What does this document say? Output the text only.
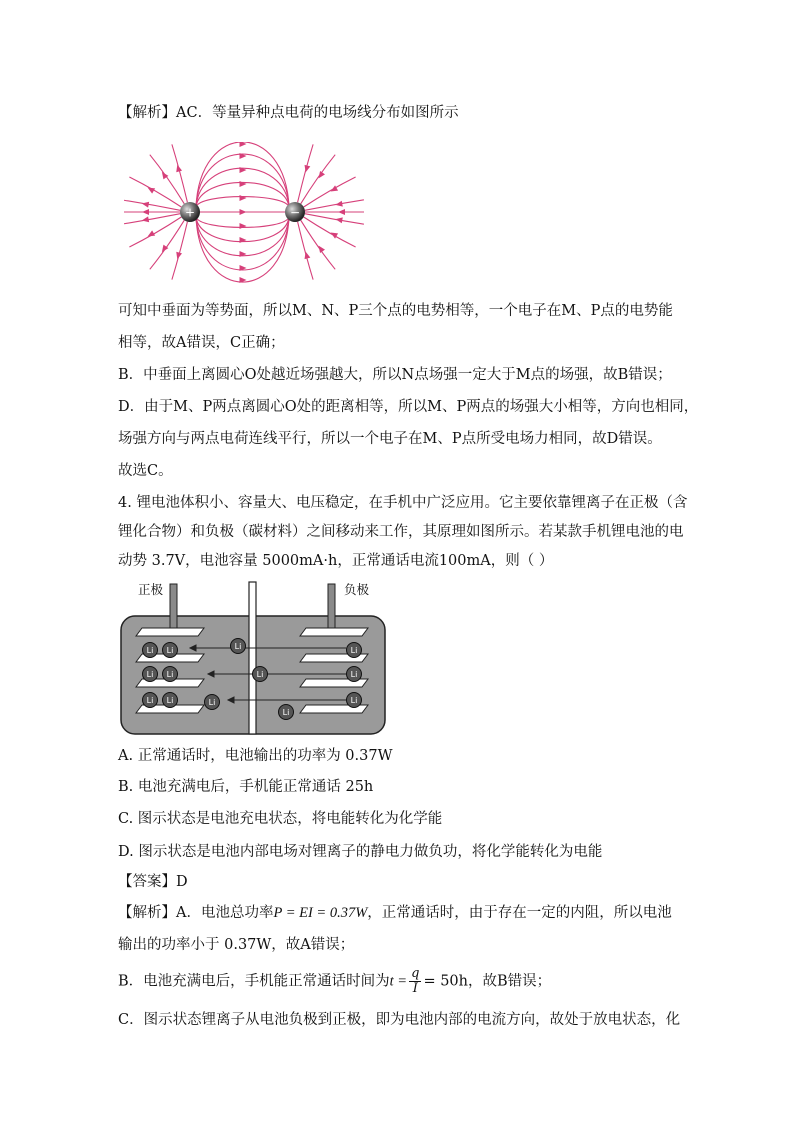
【解析】AC．等量异种点电荷的电场线分布如图所示
+	−
可知中垂面为等势面，所以M、N、P三个点的电势相等，一个电子在M、P点的电势能
相等，故A错误，C正确；
B．中垂面上离圆心O处越近场强越大，所以N点场强一定大于M点的场强，故B错误；
D．由于M、P两点离圆心O处的距离相等，所以M、P两点的场强大小相等，方向也相同，
场强方向与两点电荷连线平行，所以一个电子在M、P点所受电场力相同，故D错误。
故选C。
4. 锂电池体积小、容量大、电压稳定，在手机中广泛应用。它主要依靠锂离子在正极（含
锂化合物）和负极（碳材料）之间移动来工作，其原理如图所示。若某款手机锂电池的电
动势 3.7V，电池容量 5000mA·h，正常通话电流100mA，则（ ）
正极	负极
Li Li
Li Li
Li Li
Li
Li
Li
Li
Li
Li
Li
A. 正常通话时，电池输出的功率为 0.37W
B. 电池充满电后，手机能正常通话 25h
C. 图示状态是电池充电状态，将电能转化为化学能
D. 图示状态是电池内部电场对锂离子的静电力做负功，将化学能转化为电能
【答案】D
【解析】A．电池总功率P = EI = 0.37W，正常通话时，由于存在一定的内阻，所以电池
输出的功率小于 0.37W，故A错误；
B．电池充满电后，手机能正常通话时间为$t = \frac{q}{I} = 50h$，故B错误；
C．图示状态锂离子从电池负极到正极，即为电池内部的电流方向，故处于放电状态，化
